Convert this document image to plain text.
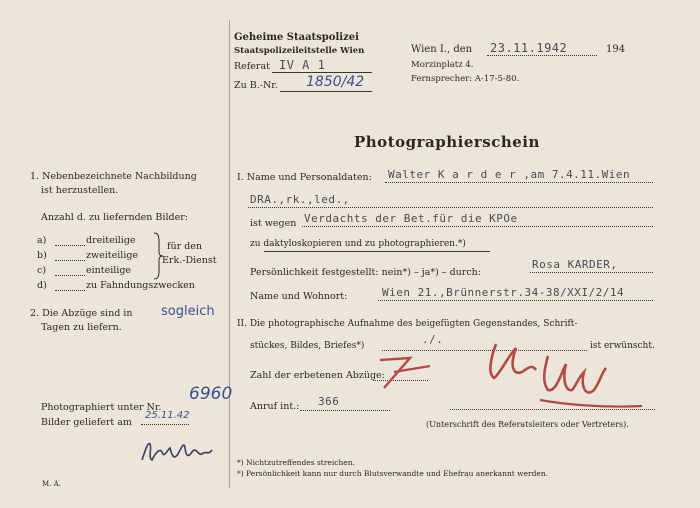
Geheime Staatspolizei
Staatspolizeileitstelle Wien
Referat IV A 1
Zu B.-Nr. 1850/42
Wien I., den 23.11.1942	194
Morzinplatz 4.
Fernsprecher: A-17-5-80.
Photographierschein
1. Nebenbezeichnete Nachbildung
ist herzustellen.
Anzahl d. zu liefernden Bilder:
a)	dreiteilige
b)	zweiteilige
c)	einteilige
d)	zu Fahndungszwecken
für den
Erk.-Dienst
2. Die Abzüge sind in sogleich
Tagen zu liefern.
Photographiert unter Nr.
6960
Bilder geliefert am
25.11.42
M. A.
I. Name und Personaldaten: Walter K a r d e r ,am 7.4.11.Wien
DRA.,rk.,led.,
ist wegen Verdachts der Bet.für die KPOe
zu daktyloskopieren und zu photographieren.*)
Persönlichkeit festgestellt: nein*) – ja*) – durch:
Rosa KARDER,
Name und Wohnort:	Wien 21.,Brünnerstr.34-38/XXI/2/14
II. Die photographische Aufnahme des beigefügten Gegenstandes, Schrift-
stückes, Bildes, Briefes*)	./.	ist erwünscht.
Zahl der erbetenen Abzüge:
Anruf int.: 366
(Unterschrift des Referatsleiters oder Vertreters).
*) Nichtzutreffendes streichen.
*) Persönlichkeit kann nur durch Blutsverwandte und Ehefrau anerkannt werden.
